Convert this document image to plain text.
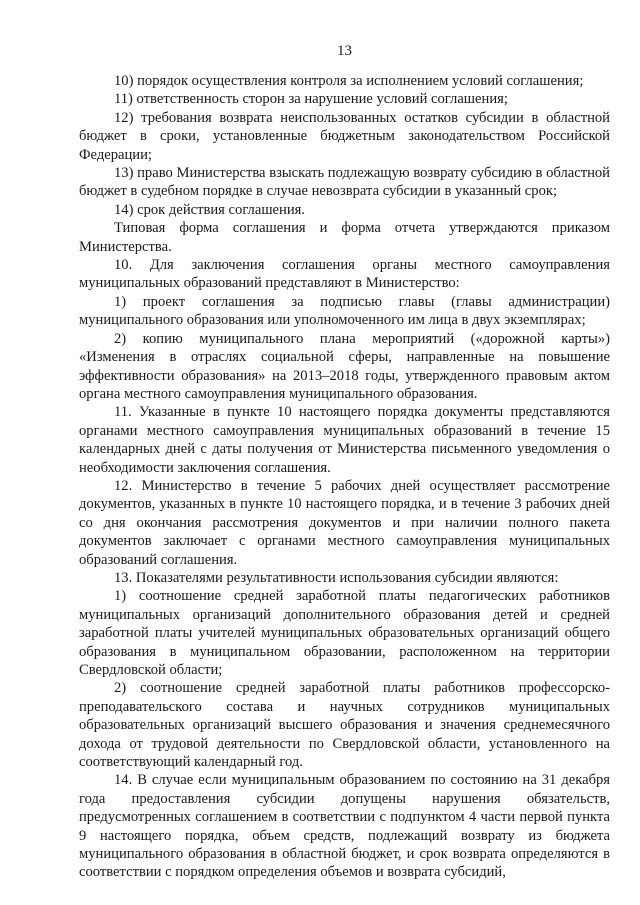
13

10) порядок осуществления контроля за исполнением условий соглашения;

11) ответственность сторон за нарушение условий соглашения;

12) требования возврата неиспользованных остатков субсидии в областной бюджет в сроки, установленные бюджетным законодательством Российской Федерации;

13) право Министерства взыскать подлежащую возврату субсидию в областной бюджет в судебном порядке в случае невозврата субсидии в указанный срок;

14) срок действия соглашения.

Типовая форма соглашения и форма отчета утверждаются приказом Министерства.

10. Для заключения соглашения органы местного самоуправления муниципальных образований представляют в Министерство:

1) проект соглашения за подписью главы (главы администрации) муниципального образования или уполномоченного им лица в двух экземплярах;

2) копию муниципального плана мероприятий («дорожной карты») «Изменения в отраслях социальной сферы, направленные на повышение эффективности образования» на 2013–2018 годы, утвержденного правовым актом органа местного самоуправления муниципального образования.

11. Указанные в пункте 10 настоящего порядка документы представляются органами местного самоуправления муниципальных образований в течение 15 календарных дней с даты получения от Министерства письменного уведомления о необходимости заключения соглашения.

12. Министерство в течение 5 рабочих дней осуществляет рассмотрение документов, указанных в пункте 10 настоящего порядка, и в течение 3 рабочих дней со дня окончания рассмотрения документов и при наличии полного пакета документов заключает с органами местного самоуправления муниципальных образований соглашения.

13. Показателями результативности использования субсидии являются:

1) соотношение средней заработной платы педагогических работников муниципальных организаций дополнительного образования детей и средней заработной платы учителей муниципальных образовательных организаций общего образования в муниципальном образовании, расположенном на территории Свердловской области;

2) соотношение средней заработной платы работников профессорско-преподавательского состава и научных сотрудников муниципальных образовательных организаций высшего образования и значения среднемесячного дохода от трудовой деятельности по Свердловской области, установленного на соответствующий календарный год.

14. В случае если муниципальным образованием по состоянию на 31 декабря года предоставления субсидии допущены нарушения обязательств, предусмотренных соглашением в соответствии с подпунктом 4 части первой пункта 9 настоящего порядка, объем средств, подлежащий возврату из бюджета муниципального образования в областной бюджет, и срок возврата определяются в соответствии с порядком определения объемов и возврата субсидий,
